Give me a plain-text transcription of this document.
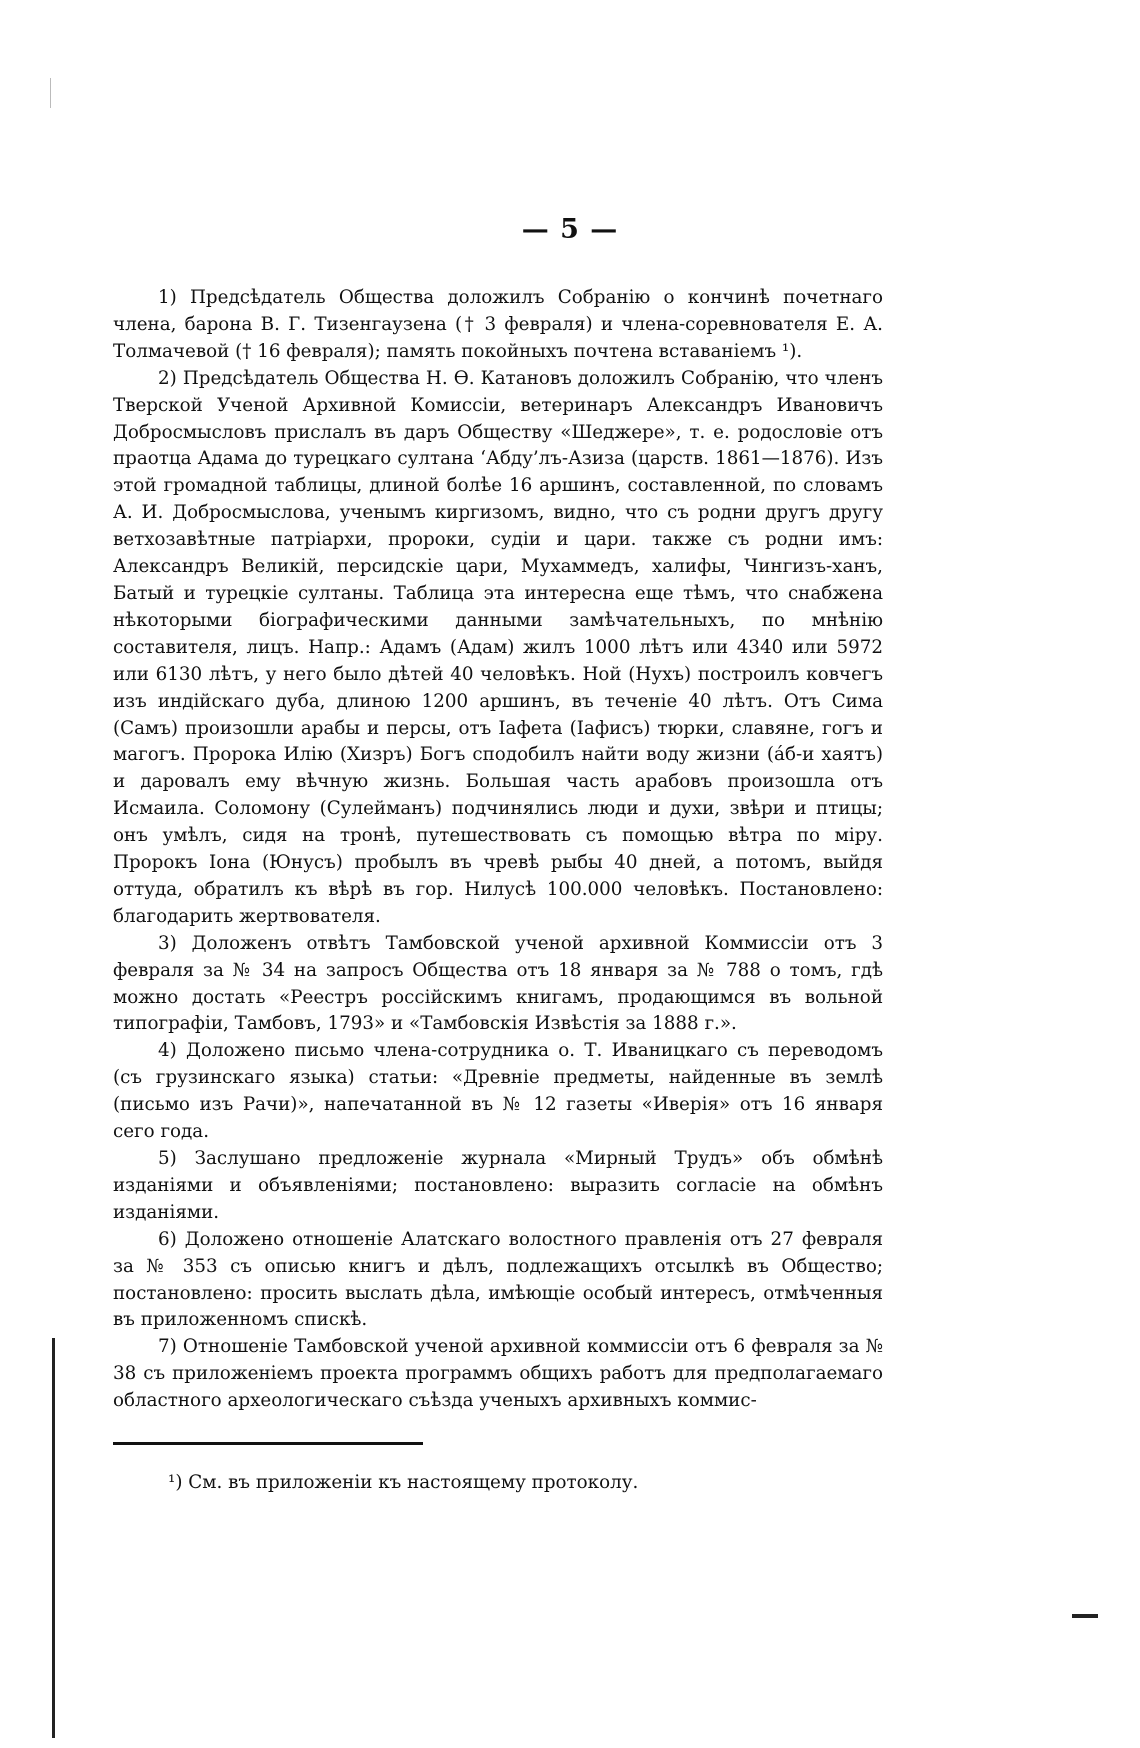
— 5 —

1) Предсѣдатель Общества доложилъ Собранію о кончинѣ почетнаго члена, барона В. Г. Тизенгаузена († 3 февраля) и члена-соревнователя Е. А. Толмачевой († 16 февраля); память покойныхъ почтена вставаніемъ ¹).

2) Предсѣдатель Общества Н. Ѳ. Катановъ доложилъ Собранію, что членъ Тверской Ученой Архивной Комиссіи, ветеринаръ Александръ Ивановичъ Добросмысловъ прислалъ въ даръ Обществу «Шеджере», т. е. родословіе отъ праотца Адама до турецкаго султана ‘Абду’лъ-Азиза (царств. 1861—1876). Изъ этой громадной таблицы, длиной болѣе 16 аршинъ, составленной, по словамъ А. И. Добросмыслова, ученымъ киргизомъ, видно, что съ родни другъ другу ветхозавѣтные патріархи, пророки, судіи и цари. также съ родни имъ: Александръ Великій, персидскіе цари, Мухаммедъ, халифы, Чингизъ-ханъ, Батый и турецкіе султаны. Таблица эта интересна еще тѣмъ, что снабжена нѣкоторыми біографическими данными замѣчательныхъ, по мнѣнію составителя, лицъ. Напр.: Адамъ (Адам) жилъ 1000 лѣтъ или 4340 или 5972 или 6130 лѣтъ, у него было дѣтей 40 человѣкъ. Ной (Нухъ) построилъ ковчегъ изъ индійскаго дуба, длиною 1200 аршинъ, въ теченіе 40 лѣтъ. Отъ Сима (Самъ) произошли арабы и персы, отъ Іафета (Іафисъ) тюрки, славяне, гогъ и магогъ. Пророка Илію (Хизръ) Богъ сподобилъ найти воду жизни (áб-и хаятъ) и даровалъ ему вѣчную жизнь. Большая часть арабовъ произошла отъ Исмаила. Соломону (Сулейманъ) подчинялись люди и духи, звѣри и птицы; онъ умѣлъ, сидя на тронѣ, путешествовать съ помощью вѣтра по міру. Пророкъ Іона (Юнусъ) пробылъ въ чревѣ рыбы 40 дней, а потомъ, выйдя оттуда, обратилъ къ вѣрѣ въ гор. Нилусѣ 100.000 человѣкъ. Постановлено: благодарить жертвователя.

3) Доложенъ отвѣтъ Тамбовской ученой архивной Коммиссіи отъ 3 февраля за № 34 на запросъ Общества отъ 18 января за № 788 о томъ, гдѣ можно достать «Реестръ россійскимъ книгамъ, продающимся въ вольной типографіи, Тамбовъ, 1793» и «Тамбовскія Извѣстія за 1888 г.».

4) Доложено письмо члена-сотрудника о. Т. Иваницкаго съ переводомъ (съ грузинскаго языка) статьи: «Древніе предметы, найденные въ землѣ (письмо изъ Рачи)», напечатанной въ № 12 газеты «Иверія» отъ 16 января сего года.

5) Заслушано предложеніе журнала «Мирный Трудъ» объ обмѣнѣ изданіями и объявленіями; постановлено: выразить согласіе на обмѣнъ изданіями.

6) Доложено отношеніе Алатскаго волостного правленія отъ 27 февраля за № 353 съ описью книгъ и дѣлъ, подлежащихъ отсылкѣ въ Общество; постановлено: просить выслать дѣла, имѣющіе особый интересъ, отмѣченныя въ приложенномъ спискѣ.

7) Отношеніе Тамбовской ученой архивной коммиссіи отъ 6 февраля за № 38 съ приложеніемъ проекта программъ общихъ работъ для предполагаемаго областного археологическаго съѣзда ученыхъ архивныхъ коммис-

¹) См. въ приложеніи къ настоящему протоколу.
